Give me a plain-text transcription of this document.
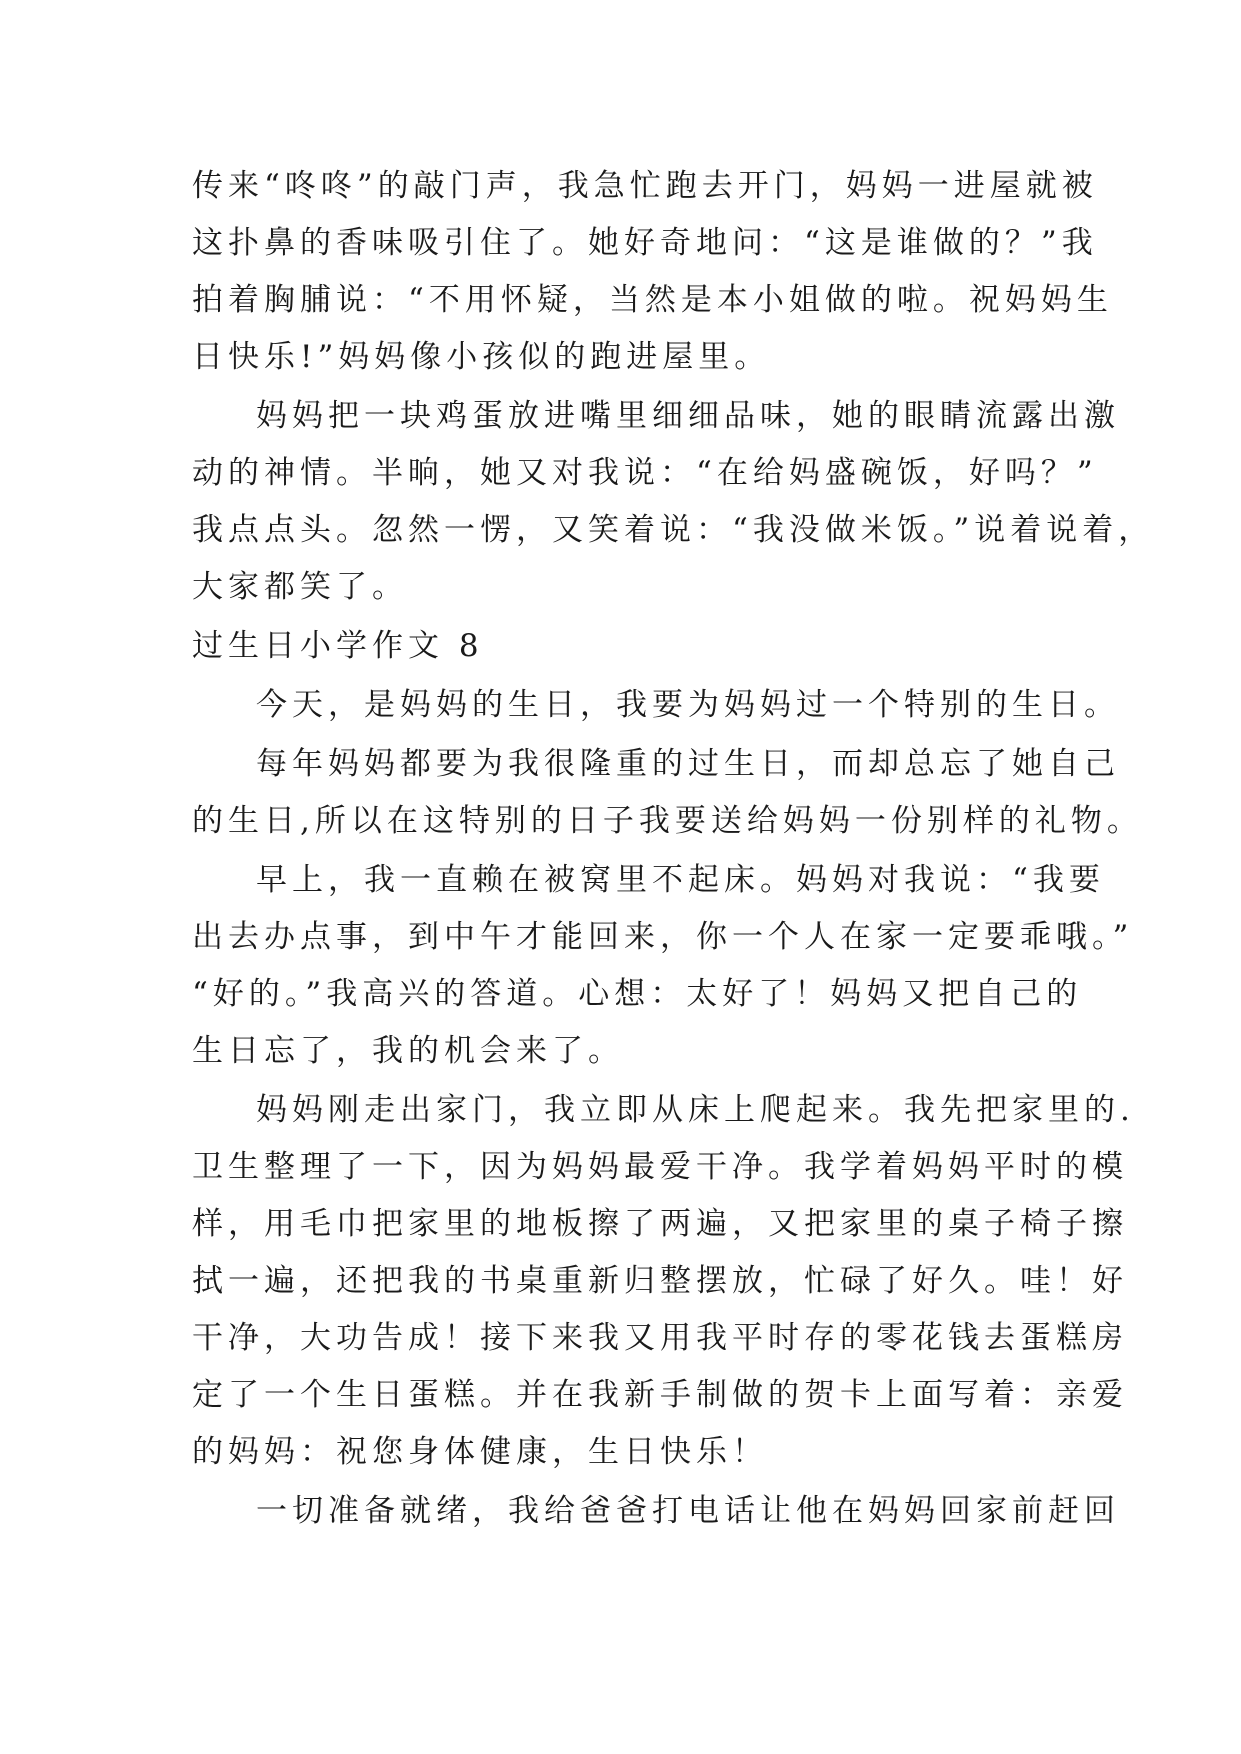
传来“咚咚”的敲门声，我急忙跑去开门，妈妈一进屋就被
这扑鼻的香味吸引住了。她好奇地问：“这是谁做的？”我
拍着胸脯说：“不用怀疑，当然是本小姐做的啦。祝妈妈生
日快乐!”妈妈像小孩似的跑进屋里。
妈妈把一块鸡蛋放进嘴里细细品味，她的眼睛流露出激
动的神情。半晌，她又对我说：“在给妈盛碗饭，好吗？”
我点点头。忽然一愣，又笑着说：“我没做米饭。”说着说着，
大家都笑了。
过生日小学作文 8
今天，是妈妈的生日，我要为妈妈过一个特别的生日。
每年妈妈都要为我很隆重的过生日，而却总忘了她自己
的生日,所以在这特别的日子我要送给妈妈一份别样的礼物。
早上，我一直赖在被窝里不起床。妈妈对我说：“我要
出去办点事，到中午才能回来，你一个人在家一定要乖哦。”
“好的。”我高兴的答道。心想：太好了！妈妈又把自己的
生日忘了，我的机会来了。
妈妈刚走出家门，我立即从床上爬起来。我先把家里的.
卫生整理了一下，因为妈妈最爱干净。我学着妈妈平时的模
样，用毛巾把家里的地板擦了两遍，又把家里的桌子椅子擦
拭一遍，还把我的书桌重新归整摆放，忙碌了好久。哇！好
干净，大功告成！接下来我又用我平时存的零花钱去蛋糕房
定了一个生日蛋糕。并在我新手制做的贺卡上面写着：亲爱
的妈妈：祝您身体健康，生日快乐！
一切准备就绪，我给爸爸打电话让他在妈妈回家前赶回
